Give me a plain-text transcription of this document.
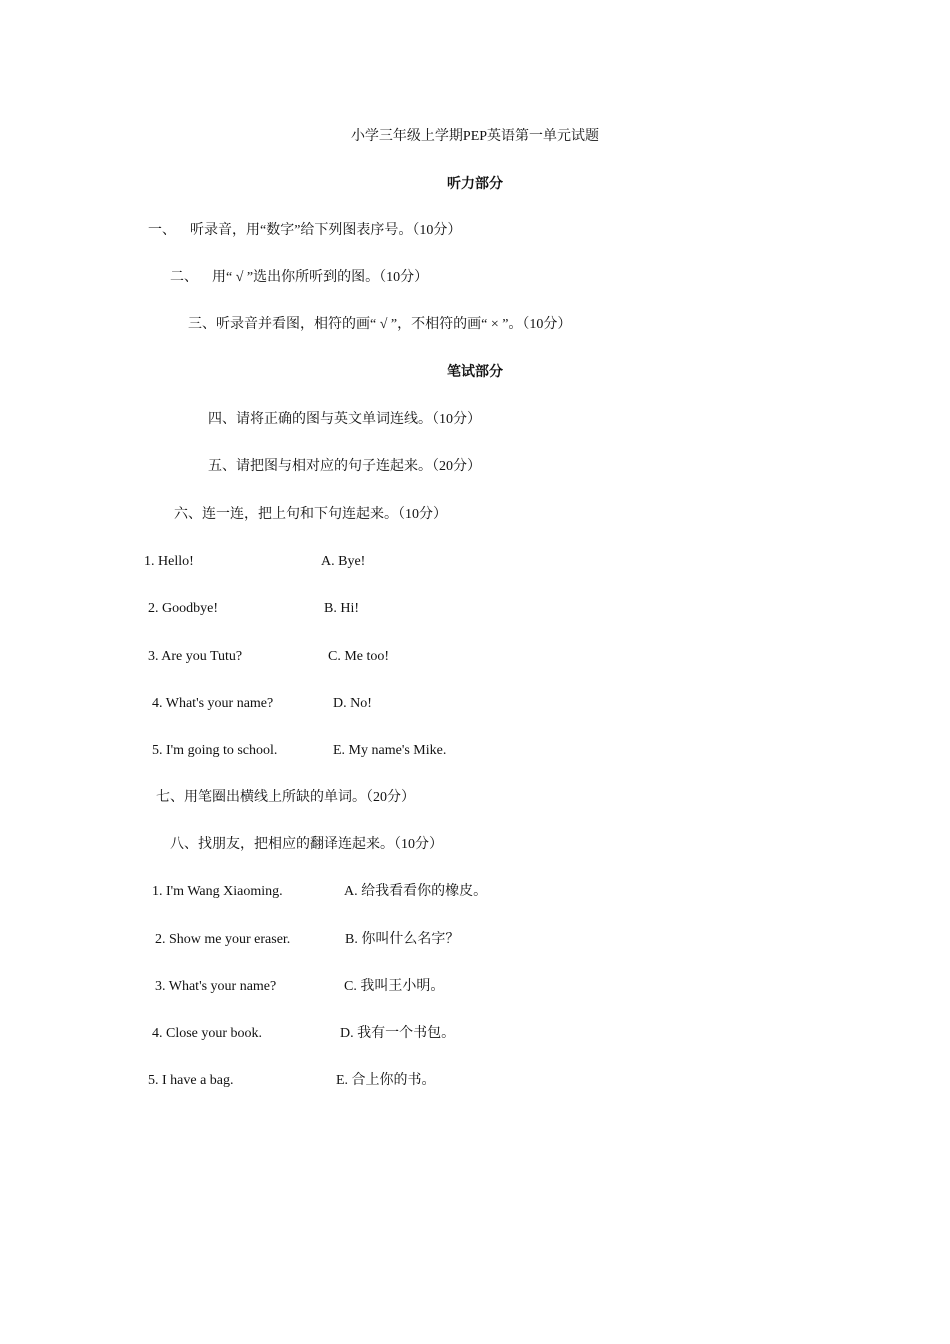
小学三年级上学期PEP英语第一单元试题
听力部分
一、    听录音，用“数字”给下列图表序号。（10分）
二、    用“ √ ”选出你所听到的图。（10分）
三、听录音并看图，相符的画“ √ ”，不相符的画“ × ”。（10分）
笔试部分
四、请将正确的图与英文单词连线。（10分）
五、请把图与相对应的句子连起来。（20分）
六、连一连，把上句和下句连起来。（10分）
1. Hello!	A. Bye!
2. Goodbye!	B. Hi!
3. Are you Tutu?	C. Me too!
4. What's your name?	D. No!
5. I'm going to school.	E. My name's Mike.
七、用笔圈出横线上所缺的单词。（20分）
八、找朋友，把相应的翻译连起来。（10分）
1. I'm Wang Xiaoming.	A. 给我看看你的橡皮。
2. Show me your eraser.	B. 你叫什么名字？
3. What's your name?	C. 我叫王小明。
4. Close your book.	D. 我有一个书包。
5. I have a bag.	E. 合上你的书。
